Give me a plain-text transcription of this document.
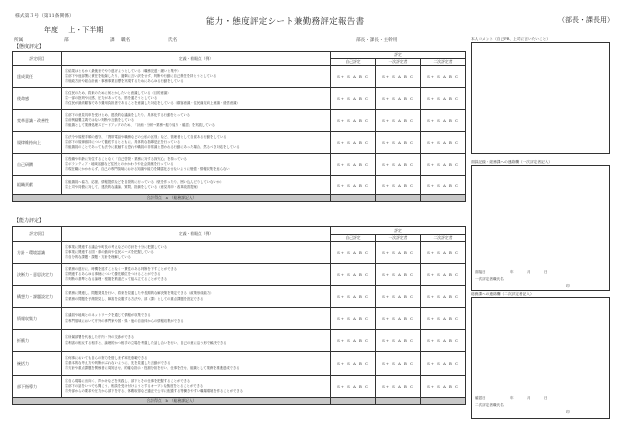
様式第３号（第11条関係）
能力・態度評定シート兼勤務評定報告書	（部長・課長用）
年度 上・下半期
所属	部	課 職名	氏名	部長・課長・主幹用
【態度評定】
評定項目	定義・着眼点（例）	評定		
		自己評定	一次評定者	二次評定者
達成責任	①結果はともかく最後までやり遂げようとしている（職務完遂・願いと集中）
②部下や他部署に責任を転嫁したり、過剰に言い訳をせず、判断や行動に自己責任を持とうとしている
③施政方針や総合計画・事務事業目標を実現するためにあらゆる行動をしている	S+ S A B C	S+ S A B C	S+ S A B C
使命感	①住民のため、将来のために何とかしたいと意識している（目的意識）
②一部の批判や反感、圧力があっても、筋を通そうとしている
③住民が最終顧客であり費用負担者であることを意識した対応をしている（顧客意識・住民満足向上意識・経営意識）	S+ S A B C	S+ S A B C	S+ S A B C
変革意識・改善性	①部下の意見具申を受けとめ、建設的な議論をしたり、具体化する行動をとっている
②前例踏襲主義ではない判断や言動をしている
③組織として業務処理スピードアップのため、「計画・分析→業務→振り返り・確認」を実践している	S+ S A B C	S+ S A B C	S+ S A B C
規律維持向上	①法令や規程手順の遵守、「携帯電話や職務などの公私の区別」など、管理者として自覚ある行動をしている
②部下の規律維持について徹底するとともに、具体的な指導是正を行っている
③組織員のことであっても法令に抵触する恐れや職員の非常識と思われる行動にあった場合、然るべき対応をしている	S+ S A B C	S+ S A B C	S+ S A B C
自己研鑽	①役職や年齢に安住することなく「自己啓発・業務に対する探究心」を持っている
②ボランティア・地域活動など住民とのかかわりや社会貢献を行っている
③現在職にかかわらず、自己の専門領域における知識や能力を陳腐化させないように勉強・情報収集を怠らない	S+ S A B C	S+ S A B C	S+ S A B C
組織貢献	①組織員へ協力、応援、情報提供などを自発的に行っている（壁を作ったり、囲い込んだりしていないか）
②上司や同僚に対して、建設的な議論、質問、指摘をしている（意見具申・改革改善提案）	S+ S A B C	S+ S A B C	S+ S A B C
合計得点　a　（総務課記入）				
【能力評定】
評定項目	定義・着眼点（例）	評定		
		自己評定	一次評定者	二次評定者
方針・環境認識	①事業に関連する議会や町長の考えなどの方針を十分に把握している
②事業に関連する国・県の動向や住民ニーズを把握している
③自分的な課題・課題・方針を理解している	S+ S A B C	S+ S A B C	S+ S A B C
決断力・意思決定力	①業務の遂行に、時機を逃すことなく一貫性のある判断を下すことができる
②関連するあらゆる事柄について優先順位をつけることができる
③判断の基準となる論理・根拠を筋道だって組み立てることができる	S+ S A B C	S+ S A B C	S+ S A B C
構想力・課題設定力	①業務に関連し、問題発見を行い、将来を見通した中長期的な解決策を策定できる（政策形成能力）
②業務の問題を予測発見し、障害を克服する方法や、部（課）としての重点課題を設定できる	S+ S A B C	S+ S A B C	S+ S A B C
情報収集力	①議員や地域とのネットワークを通じて情報が収集できる
②専門領域において庁外の専門家や国・県・他の自治体からの情報収集ができる	S+ S A B C	S+ S A B C	S+ S A B C
折衝力	①所属部署を代表した庁内・外の交渉ができる
②利害の相反する相手と、論理的かつ相手の立場を考慮した話し合いを行い、自己の意に沿う形で解決できる	S+ S A B C	S+ S A B C	S+ S A B C
統括力	①何事においても自らの努力を惜しまず率先垂範できる
②基本的な考え方や判断がぶれないように、先を見通した言動ができる
③方針や重点課題を関係者に周知させ、的確な指示・役割分担を行い、仕事を任せ、組織として業務を推進達成できる	S+ S A B C	S+ S A B C	S+ S A B C
部下指導力	①自ら現場に出向く、声かけなどを実践し、部下とその仕事を把握することができる
②部下の話をいつでも聞こう、相談を受け付けようとするオープンな態度をとることができる
③外部からの要求や圧力から部下を守る、休暇取得など適正で公平に配慮する等働きやすい職場環境を作ることができる	S+ S A B C	S+ S A B C	S+ S A B C
合計得点　b　（総務課記入）				
本人コメント（自己PR、上司に言いたいこと）
面談記録・総務課への連絡欄（一次評定者記入）
面接日	年	月	日
一次評定者職氏名
印
総務課への連絡欄（二次評定者記入）
確認日	年	月	日
二次評定者職氏名
印
